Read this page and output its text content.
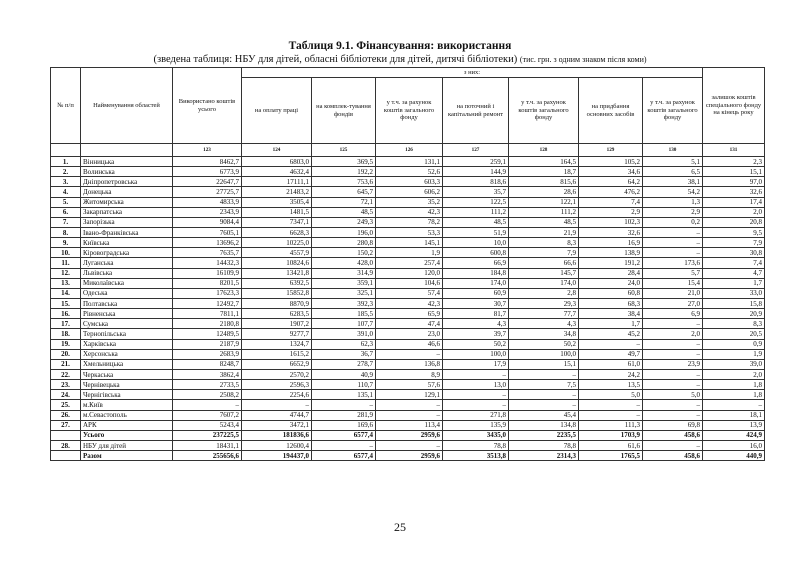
Таблиця 9.1. Фінансування: використання
(зведена таблиця: НБУ для дітей, обласні бібліотеки для дітей, дитячі бібліотеки) (тис. грн. з одним знаком після коми)
№ п/п	Найменування областей	Використано коштів усього	з них:							залишок коштів спеціального фонду на кінець року
			на оплату праці	на комплек-тування фондів	у т.ч. за рахунок коштів загального фонду	на поточний і капітальний ремонт	у т.ч. за рахунок коштів загального фонду	на придбання основних засобів	у т.ч. за рахунок коштів загального фонду	
		123	124	125	126	127	128	129	130	131
1.	Вінницька	8462,7	6803,0	369,5	131,1	259,1	164,5	105,2	5,1	2,3
2.	Волинська	6773,9	4632,4	192,2	52,6	144,9	18,7	34,6	6,5	15,1
3.	Дніпропетровська	22647,7	17111,1	753,6	603,3	818,6	815,6	64,2	38,1	97,0
4.	Донецька	27725,7	21483,2	645,7	606,2	35,7	28,6	476,2	54,2	32,6
5.	Житомирська	4833,9	3505,4	72,1	35,2	122,5	122,1	7,4	1,3	17,4
6.	Закарпатська	2343,9	1481,5	48,5	42,3	111,2	111,2	2,9	2,9	2,0
7.	Запорізька	9084,4	7347,1	249,3	78,2	48,5	48,5	102,3	0,2	20,8
8.	Івано-Франківська	7605,1	6628,3	196,0	53,3	51,9	21,9	32,6	–	9,5
9.	Київська	13696,2	10225,0	280,8	145,1	10,0	8,3	16,9	–	7,9
10.	Кіровоградська	7635,7	4557,9	150,2	1,9	600,8	7,9	138,9	–	30,8
11.	Луганська	14432,3	10824,6	428,0	257,4	66,9	66,6	191,2	173,6	7,4
12.	Львівська	16109,9	13421,8	314,9	120,0	184,8	145,7	28,4	5,7	4,7
13.	Миколаївська	8201,5	6392,5	359,1	104,6	174,0	174,0	24,0	15,4	1,7
14.	Одеська	17623,3	15852,8	325,1	57,4	60,9	2,8	60,8	21,0	33,0
15.	Полтавська	12492,7	8870,9	392,3	42,3	30,7	29,3	68,3	27,0	15,8
16.	Рівненська	7811,1	6283,5	185,5	65,9	81,7	77,7	38,4	6,9	20,9
17.	Сумська	2180,8	1907,2	107,7	47,4	4,3	4,3	1,7	–	8,3
18.	Тернопільська	12489,5	9277,7	391,0	23,0	39,7	34,8	45,2	2,0	20,5
19.	Харківська	2187,9	1324,7	62,3	46,6	50,2	50,2	–	–	0,9
20.	Херсонська	2683,9	1615,2	36,7	–	100,0	100,0	49,7	–	1,9
21.	Хмельницька	8248,7	6652,9	278,7	136,8	17,9	15,1	61,0	23,9	39,0
22.	Черкаська	3862,4	2570,2	40,9	8,9	–	–	24,2	–	2,0
23.	Чернівецька	2733,5	2596,3	110,7	57,6	13,0	7,5	13,5	–	1,8
24.	Чернігівська	2508,2	2254,6	135,1	129,1	–	–	5,0	5,0	1,8
25.	м.Київ	–	–	–	–	–	–	–	–	–
26.	м.Севастополь	7607,2	4744,7	281,9	–	271,8	45,4	–	–	18,1
27.	АРК	5243,4	3472,1	169,6	113,4	135,9	134,8	111,3	69,8	13,9
	Усього	237225,5	181836,6	6577,4	2959,6	3435,0	2235,5	1703,9	458,6	424,9
28.	НБУ для дітей	18431,1	12600,4	–	–	78,8	78,8	61,6	–	16,0
	Разом	255656,6	194437,0	6577,4	2959,6	3513,8	2314,3	1765,5	458,6	440,9
25
